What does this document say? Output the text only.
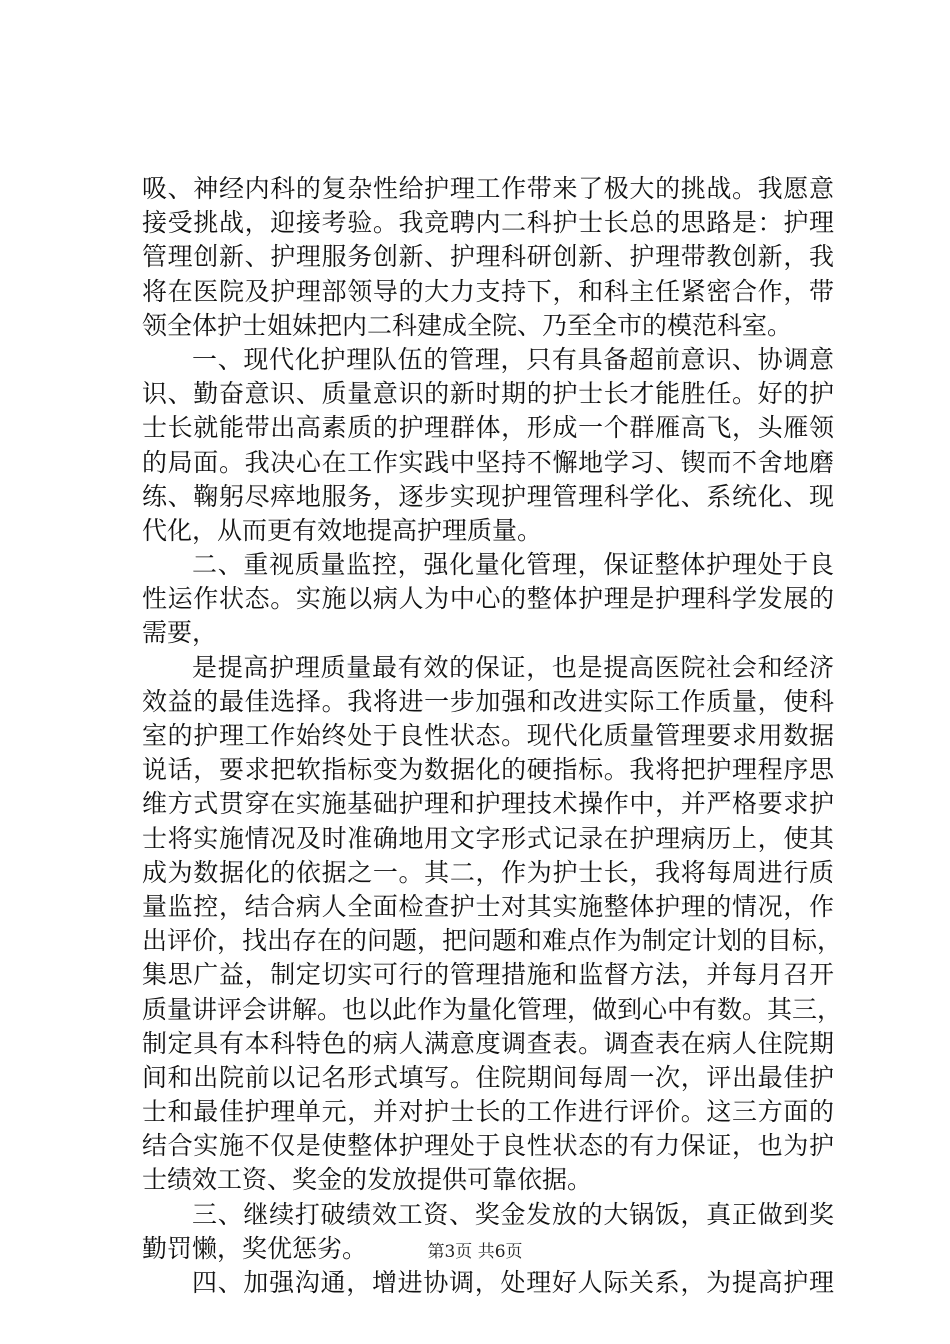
吸、神经内科的复杂性给护理工作带来了极大的挑战。我愿意
接受挑战，迎接考验。我竞聘内二科护士长总的思路是：护理
管理创新、护理服务创新、护理科研创新、护理带教创新，我
将在医院及护理部领导的大力支持下，和科主任紧密合作，带
领全体护士姐妹把内二科建成全院、乃至全市的模范科室。
一、现代化护理队伍的管理，只有具备超前意识、协调意
识、勤奋意识、质量意识的新时期的护士长才能胜任。好的护
士长就能带出高素质的护理群体，形成一个群雁高飞，头雁领
的局面。我决心在工作实践中坚持不懈地学习、锲而不舍地磨
练、鞠躬尽瘁地服务，逐步实现护理管理科学化、系统化、现
代化，从而更有效地提高护理质量。
二、重视质量监控，强化量化管理，保证整体护理处于良
性运作状态。实施以病人为中心的整体护理是护理科学发展的
需要，
是提高护理质量最有效的保证，也是提高医院社会和经济
效益的最佳选择。我将进一步加强和改进实际工作质量，使科
室的护理工作始终处于良性状态。现代化质量管理要求用数据
说话，要求把软指标变为数据化的硬指标。我将把护理程序思
维方式贯穿在实施基础护理和护理技术操作中，并严格要求护
士将实施情况及时准确地用文字形式记录在护理病历上，使其
成为数据化的依据之一。其二，作为护士长，我将每周进行质
量监控，结合病人全面检查护士对其实施整体护理的情况，作
出评价，找出存在的问题，把问题和难点作为制定计划的目标，
集思广益，制定切实可行的管理措施和监督方法，并每月召开
质量讲评会讲解。也以此作为量化管理，做到心中有数。其三，
制定具有本科特色的病人满意度调查表。调查表在病人住院期
间和出院前以记名形式填写。住院期间每周一次，评出最佳护
士和最佳护理单元，并对护士长的工作进行评价。这三方面的
结合实施不仅是使整体护理处于良性状态的有力保证，也为护
士绩效工资、奖金的发放提供可靠依据。
三、继续打破绩效工资、奖金发放的大锅饭，真正做到奖
勤罚懒，奖优惩劣。
四、加强沟通，增进协调，处理好人际关系，为提高护理
第3页 共6页
